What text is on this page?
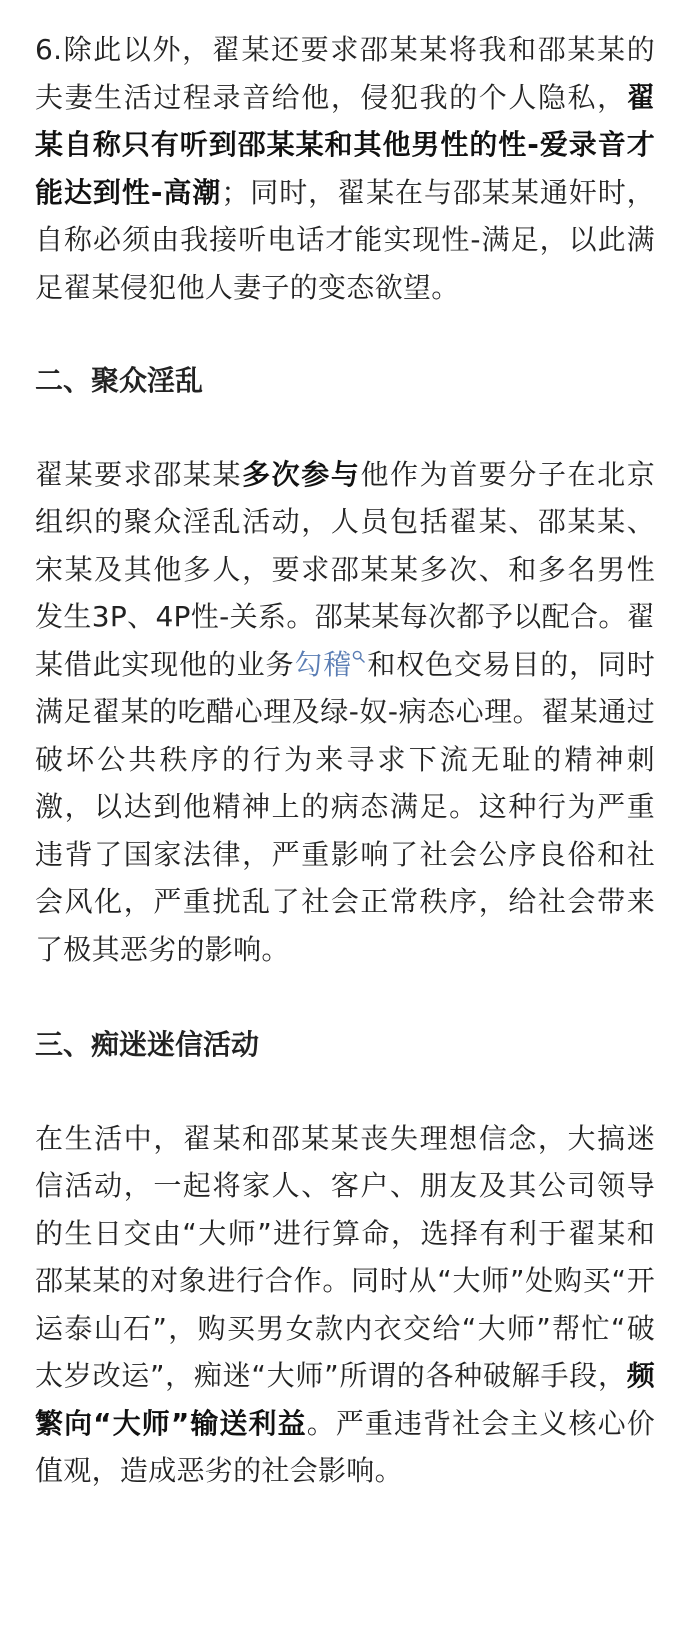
6.除此以外，翟某还要求邵某某将我和邵某某的夫妻生活过程录音给他，侵犯我的个人隐私，翟某自称只有听到邵某某和其他男性的性-爱录音才能达到性-高潮；同时，翟某在与邵某某通奸时，自称必须由我接听电话才能实现性-满足，以此满足翟某侵犯他人妻子的变态欲望。

二、聚众淫乱

翟某要求邵某某多次参与他作为首要分子在北京组织的聚众淫乱活动，人员包括翟某、邵某某、宋某及其他多人，要求邵某某多次、和多名男性发生3P、4P性-关系。邵某某每次都予以配合。翟某借此实现他的业务勾稽 和权色交易目的，同时满足翟某的吃醋心理及绿-奴-病态心理。翟某通过破坏公共秩序的行为来寻求下流无耻的精神刺激，以达到他精神上的病态满足。这种行为严重违背了国家法律，严重影响了社会公序良俗和社会风化，严重扰乱了社会正常秩序，给社会带来了极其恶劣的影响。

三、痴迷迷信活动

在生活中，翟某和邵某某丧失理想信念，大搞迷信活动，一起将家人、客户、朋友及其公司领导的生日交由“大师”进行算命，选择有利于翟某和邵某某的对象进行合作。同时从“大师”处购买“开运泰山石”，购买男女款内衣交给“大师”帮忙“破太岁改运”，痴迷“大师”所谓的各种破解手段，频繁向“大师”输送利益。严重违背社会主义核心价值观，造成恶劣的社会影响。
